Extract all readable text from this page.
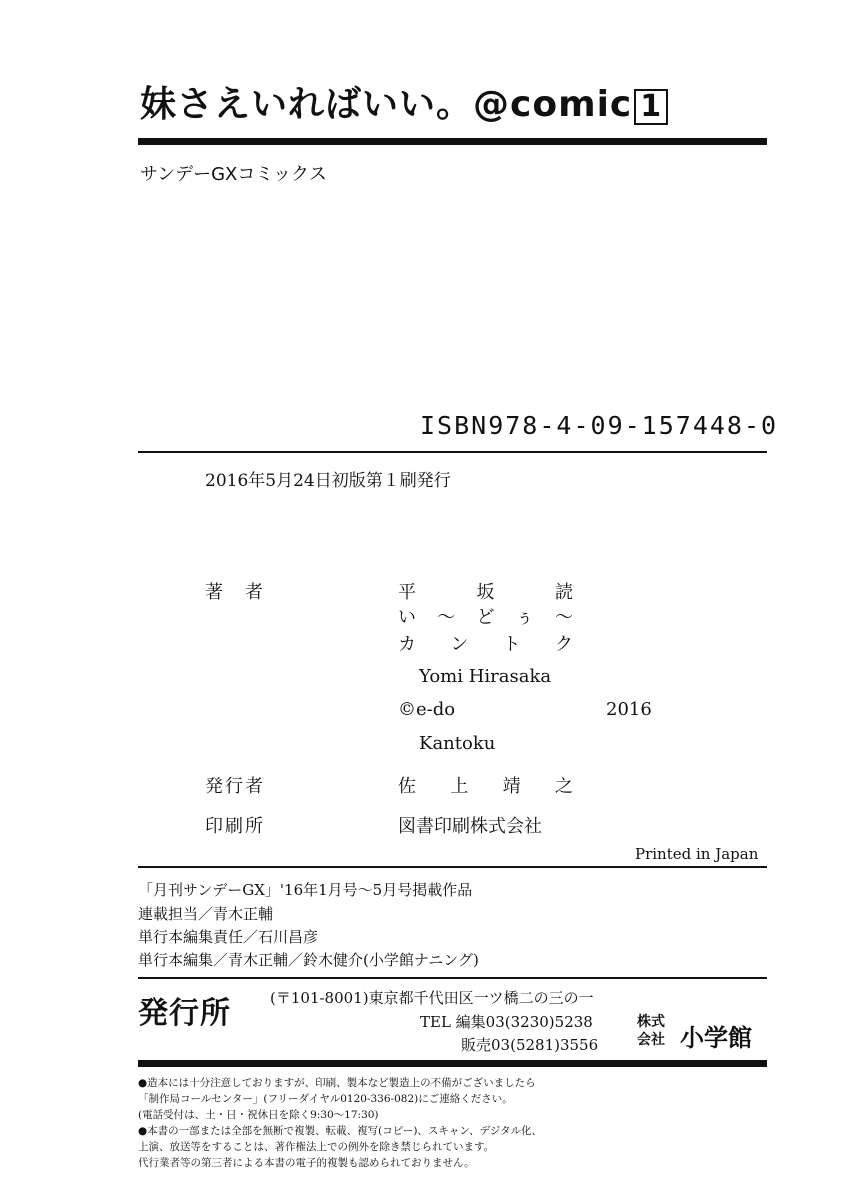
妹さえいればいい。@comic 1
サンデーGXコミックス
ISBN978-4-09-157448-0
2016年5月24日初版第１刷発行
著　者	平	坂	読
い 〜 ど ぅ 〜
カ ン ト ク
Yomi Hirasaka
©e-do	2016
Kantoku
発行者	佐 上 靖 之
印刷所	図書印刷株式会社
Printed in Japan
「月刊サンデーGX」'16年1月号〜5月号掲載作品
連載担当／青木正輔
単行本編集責任／石川昌彦
単行本編集／青木正輔／鈴木健介(小学館ナニング)
発行所	(〒101-8001)東京都千代田区一ツ橋二の三の一
TEL 編集03(3230)5238
販売03(5281)3556
株式
会社 小学館
●造本には十分注意しておりますが、印刷、製本など製造上の不備がございましたら
「制作局コールセンター」(フリーダイヤル0120-336-082)にご連絡ください。
(電話受付は、土・日・祝休日を除く9:30〜17:30)
●本書の一部または全部を無断で複製、転載、複写(コピー)、スキャン、デジタル化、
上演、放送等をすることは、著作権法上での例外を除き禁じられています。
代行業者等の第三者による本書の電子的複製も認められておりません。
